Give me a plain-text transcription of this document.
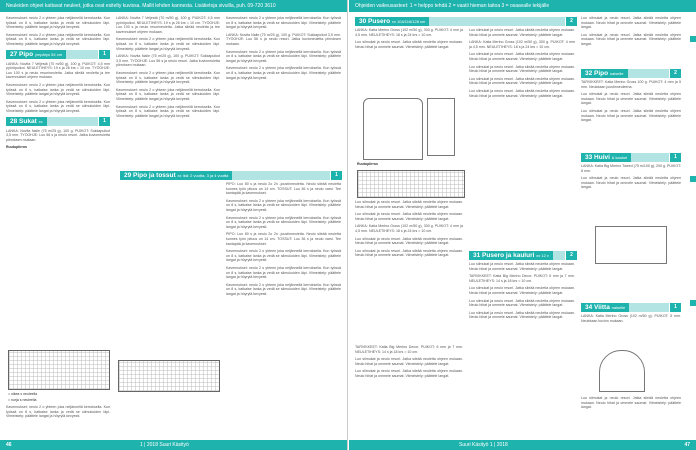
Neuleiden ohjeet kattavat neuleet, jotka ovat esitelty kuvissa. Mallit lehden kannesta. Lisätietoja sivuilla, puh. 09-720 3610

Kavennukset: neulo 2 o yhteen joka neljännellä kerroksella. Kun työssä on 8 s, katkaise lanka ja vedä se silmukoiden läpi. Viimeistely: päättele langat ja höyrytä kevyesti.

Kavennukset: neulo 2 o yhteen joka neljännellä kerroksella. Kun työssä on 8 s, katkaise lanka ja vedä se silmukoiden läpi. Viimeistely: päättele langat ja höyrytä kevyesti.

27 Pipo ympärys 54 cm	1

LANKA: Novita 7 Veljestä (70 m/50 g), 100 g. PUIKOT: 4,5 mm pyöröpuikot. NEULETIHEYS: 19 s ja 26 krs = 10 cm. TYÖOHJE: Luo 100 s ja neulo resorineuletta. Jatka sileää neuletta ja tee kavennukset ohjeen mukaan.

Kavennukset: neulo 2 o yhteen joka neljännellä kerroksella. Kun työssä on 8 s, katkaise lanka ja vedä se silmukoiden läpi. Viimeistely: päättele langat ja höyrytä kevyesti.

Kavennukset: neulo 2 o yhteen joka neljännellä kerroksella. Kun työssä on 8 s, katkaise lanka ja vedä se silmukoiden läpi. Viimeistely: päättele langat ja höyrytä kevyesti.

28 Sukat xx	1

LANKA: Novita Nalle (75 m/25 g), 100 g. PUIKOT: Sukkapuikot 3,5 mm. TYÖOHJE: Luo 56 s ja neulo resori. Jatka kuvioneuletta piirroksen mukaan.

Ruutupiirros
= oikea s neuleella
= nurja s neuleella

Kavennukset: neulo 2 o yhteen joka neljännellä kerroksella. Kun työssä on 8 s, katkaise lanka ja vedä se silmukoiden läpi. Viimeistely: päättele langat ja höyrytä kevyesti.

LANKA: Novita 7 Veljestä (70 m/50 g), 100 g. PUIKOT: 4,5 mm pyöröpuikot. NEULETIHEYS: 19 s ja 26 krs = 10 cm. TYÖOHJE: Luo 100 s ja neulo resorineuletta. Jatka sileää neuletta ja tee kavennukset ohjeen mukaan.

Kavennukset: neulo 2 o yhteen joka neljännellä kerroksella. Kun työssä on 8 s, katkaise lanka ja vedä se silmukoiden läpi. Viimeistely: päättele langat ja höyrytä kevyesti.

LANKA: Novita Nalle (75 m/25 g), 100 g. PUIKOT: Sukkapuikot 3,5 mm. TYÖOHJE: Luo 56 s ja neulo resori. Jatka kuvioneuletta piirroksen mukaan.

Kavennukset: neulo 2 o yhteen joka neljännellä kerroksella. Kun työssä on 8 s, katkaise lanka ja vedä se silmukoiden läpi. Viimeistely: päättele langat ja höyrytä kevyesti.

Kavennukset: neulo 2 o yhteen joka neljännellä kerroksella. Kun työssä on 8 s, katkaise lanka ja vedä se silmukoiden läpi. Viimeistely: päättele langat ja höyrytä kevyesti.

Kavennukset: neulo 2 o yhteen joka neljännellä kerroksella. Kun työssä on 8 s, katkaise lanka ja vedä se silmukoiden läpi. Viimeistely: päättele langat ja höyrytä kevyesti.

Kavennukset: neulo 2 o yhteen joka neljännellä kerroksella. Kun työssä on 8 s, katkaise lanka ja vedä se silmukoiden läpi. Viimeistely: päättele langat ja höyrytä kevyesti.

LANKA: Novita Nalle (75 m/25 g), 100 g. PUIKOT: Sukkapuikot 3,5 mm. TYÖOHJE: Luo 56 s ja neulo resori. Jatka kuvioneuletta piirroksen mukaan.

Kavennukset: neulo 2 o yhteen joka neljännellä kerroksella. Kun työssä on 8 s, katkaise lanka ja vedä se silmukoiden läpi. Viimeistely: päättele langat ja höyrytä kevyesti.

Kavennukset: neulo 2 o yhteen joka neljännellä kerroksella. Kun työssä on 8 s, katkaise lanka ja vedä se silmukoiden läpi. Viimeistely: päättele langat ja höyrytä kevyesti.

29 Pipo ja tossut xx Ikä: 2 vuotta, 3 ja 4 vuotta	1

PIPO: Luo 80 s ja neulo 2o 2n -joustinneuletta. Neulo sileää neuletta kunnes työn pituus on 14 cm. TOSSUT: Luo 36 s ja neulo varsi. Tee kantapää ja kavennukset.

Kavennukset: neulo 2 o yhteen joka neljännellä kerroksella. Kun työssä on 8 s, katkaise lanka ja vedä se silmukoiden läpi. Viimeistely: päättele langat ja höyrytä kevyesti.

Kavennukset: neulo 2 o yhteen joka neljännellä kerroksella. Kun työssä on 8 s, katkaise lanka ja vedä se silmukoiden läpi. Viimeistely: päättele langat ja höyrytä kevyesti.

PIPO: Luo 80 s ja neulo 2o 2n -joustinneuletta. Neulo sileää neuletta kunnes työn pituus on 14 cm. TOSSUT: Luo 36 s ja neulo varsi. Tee kantapää ja kavennukset.

Kavennukset: neulo 2 o yhteen joka neljännellä kerroksella. Kun työssä on 8 s, katkaise lanka ja vedä se silmukoiden läpi. Viimeistely: päättele langat ja höyrytä kevyesti.

Kavennukset: neulo 2 o yhteen joka neljännellä kerroksella. Kun työssä on 8 s, katkaise lanka ja vedä se silmukoiden läpi. Viimeistely: päättele langat ja höyrytä kevyesti.

Kavennukset: neulo 2 o yhteen joka neljännellä kerroksella. Kun työssä on 8 s, katkaise lanka ja vedä se silmukoiden läpi. Viimeistely: päättele langat ja höyrytä kevyesti.

46	1 | 2018 Suuri Käsityö
Ohjeiden vaikeusasteet: 1 = helppo tehdä 2 = vaatii hieman taitoa 3 = osaavalle tekijälle
30 Pusero xx 104/116/128 cm	2

LANKA: Katia Merino Gross (102 m/50 g), 300 g. PUIKOT: 4 mm ja 4,5 mm. NEULETIHEYS: 18 s ja 24 krs = 10 cm.

Luo silmukat ja neulo resori. Jatka sileää neuletta ohjeen mukaan. Neulo hihat ja ommele saumat. Viimeistely: päättele langat.

Ruutupiirros

Luo silmukat ja neulo resori. Jatka sileää neuletta ohjeen mukaan. Neulo hihat ja ommele saumat. Viimeistely: päättele langat.

Luo silmukat ja neulo resori. Jatka sileää neuletta ohjeen mukaan. Neulo hihat ja ommele saumat. Viimeistely: päättele langat.

LANKA: Katia Merino Gross (102 m/50 g), 300 g. PUIKOT: 4 mm ja 4,5 mm. NEULETIHEYS: 18 s ja 24 krs = 10 cm.

Luo silmukat ja neulo resori. Jatka sileää neuletta ohjeen mukaan. Neulo hihat ja ommele saumat. Viimeistely: päättele langat.

Luo silmukat ja neulo resori. Jatka sileää neuletta ohjeen mukaan. Neulo hihat ja ommele saumat. Viimeistely: päättele langat.

Luo silmukat ja neulo resori. Jatka sileää neuletta ohjeen mukaan. Neulo hihat ja ommele saumat. Viimeistely: päättele langat.

LANKA: Katia Merino Gross (102 m/50 g), 300 g. PUIKOT: 4 mm ja 4,5 mm. NEULETIHEYS: 18 s ja 24 krs = 10 cm.

Luo silmukat ja neulo resori. Jatka sileää neuletta ohjeen mukaan. Neulo hihat ja ommele saumat. Viimeistely: päättele langat.

Luo silmukat ja neulo resori. Jatka sileää neuletta ohjeen mukaan. Neulo hihat ja ommele saumat. Viimeistely: päättele langat.

Luo silmukat ja neulo resori. Jatka sileää neuletta ohjeen mukaan. Neulo hihat ja ommele saumat. Viimeistely: päättele langat.

Luo silmukat ja neulo resori. Jatka sileää neuletta ohjeen mukaan. Neulo hihat ja ommele saumat. Viimeistely: päättele langat.

31 Pusero ja kauluri xx 12 v	2

TARVIKKEET: Katia Big Merino Decor. PUIKOT: 6 mm ja 7 mm. NEULETIHEYS: 14 s ja 18 krs = 10 cm.

Luo silmukat ja neulo resori. Jatka sileää neuletta ohjeen mukaan. Neulo hihat ja ommele saumat. Viimeistely: päättele langat.

Luo silmukat ja neulo resori. Jatka sileää neuletta ohjeen mukaan. Neulo hihat ja ommele saumat. Viimeistely: päättele langat.

Luo silmukat ja neulo resori. Jatka sileää neuletta ohjeen mukaan. Neulo hihat ja ommele saumat. Viimeistely: päättele langat.

TARVIKKEET: Katia Big Merino Decor. PUIKOT: 6 mm ja 7 mm. NEULETIHEYS: 14 s ja 18 krs = 10 cm.

Luo silmukat ja neulo resori. Jatka sileää neuletta ohjeen mukaan. Neulo hihat ja ommele saumat. Viimeistely: päättele langat.

Luo silmukat ja neulo resori. Jatka sileää neuletta ohjeen mukaan. Neulo hihat ja ommele saumat. Viimeistely: päättele langat.

Luo silmukat ja neulo resori. Jatka sileää neuletta ohjeen mukaan. Neulo hihat ja ommele saumat. Viimeistely: päättele langat.

Luo silmukat ja neulo resori. Jatka sileää neuletta ohjeen mukaan. Neulo hihat ja ommele saumat. Viimeistely: päättele langat.

Luo silmukat ja neulo resori. Jatka sileää neuletta ohjeen mukaan. Neulo hihat ja ommele saumat. Viimeistely: päättele langat.

32 Pipo naiselle	2

TARVIKKEET: Katia Merino Gross 100 g. PUIKOT: 4 mm ja 5 mm. Neulotaan joustinneuleena.

Luo silmukat ja neulo resori. Jatka sileää neuletta ohjeen mukaan. Neulo hihat ja ommele saumat. Viimeistely: päättele langat.

Luo silmukat ja neulo resori. Jatka sileää neuletta ohjeen mukaan. Neulo hihat ja ommele saumat. Viimeistely: päättele langat.

33 Huivi & kauluri	1

LANKA: Katia Big Merino Tweed (75 m/100 g), 200 g. PUIKOT: 8 mm.

Luo silmukat ja neulo resori. Jatka sileää neuletta ohjeen mukaan. Neulo hihat ja ommele saumat. Viimeistely: päättele langat.

34 Viitta naiselle	1

LANKA: Katia Merino Gross (102 m/50 g). PUIKOT: 5 mm. Neulotaan kuvion mukaan.

Luo silmukat ja neulo resori. Jatka sileää neuletta ohjeen mukaan. Neulo hihat ja ommele saumat. Viimeistely: päättele langat.

Suuri Käsityö 1 | 2018	47
